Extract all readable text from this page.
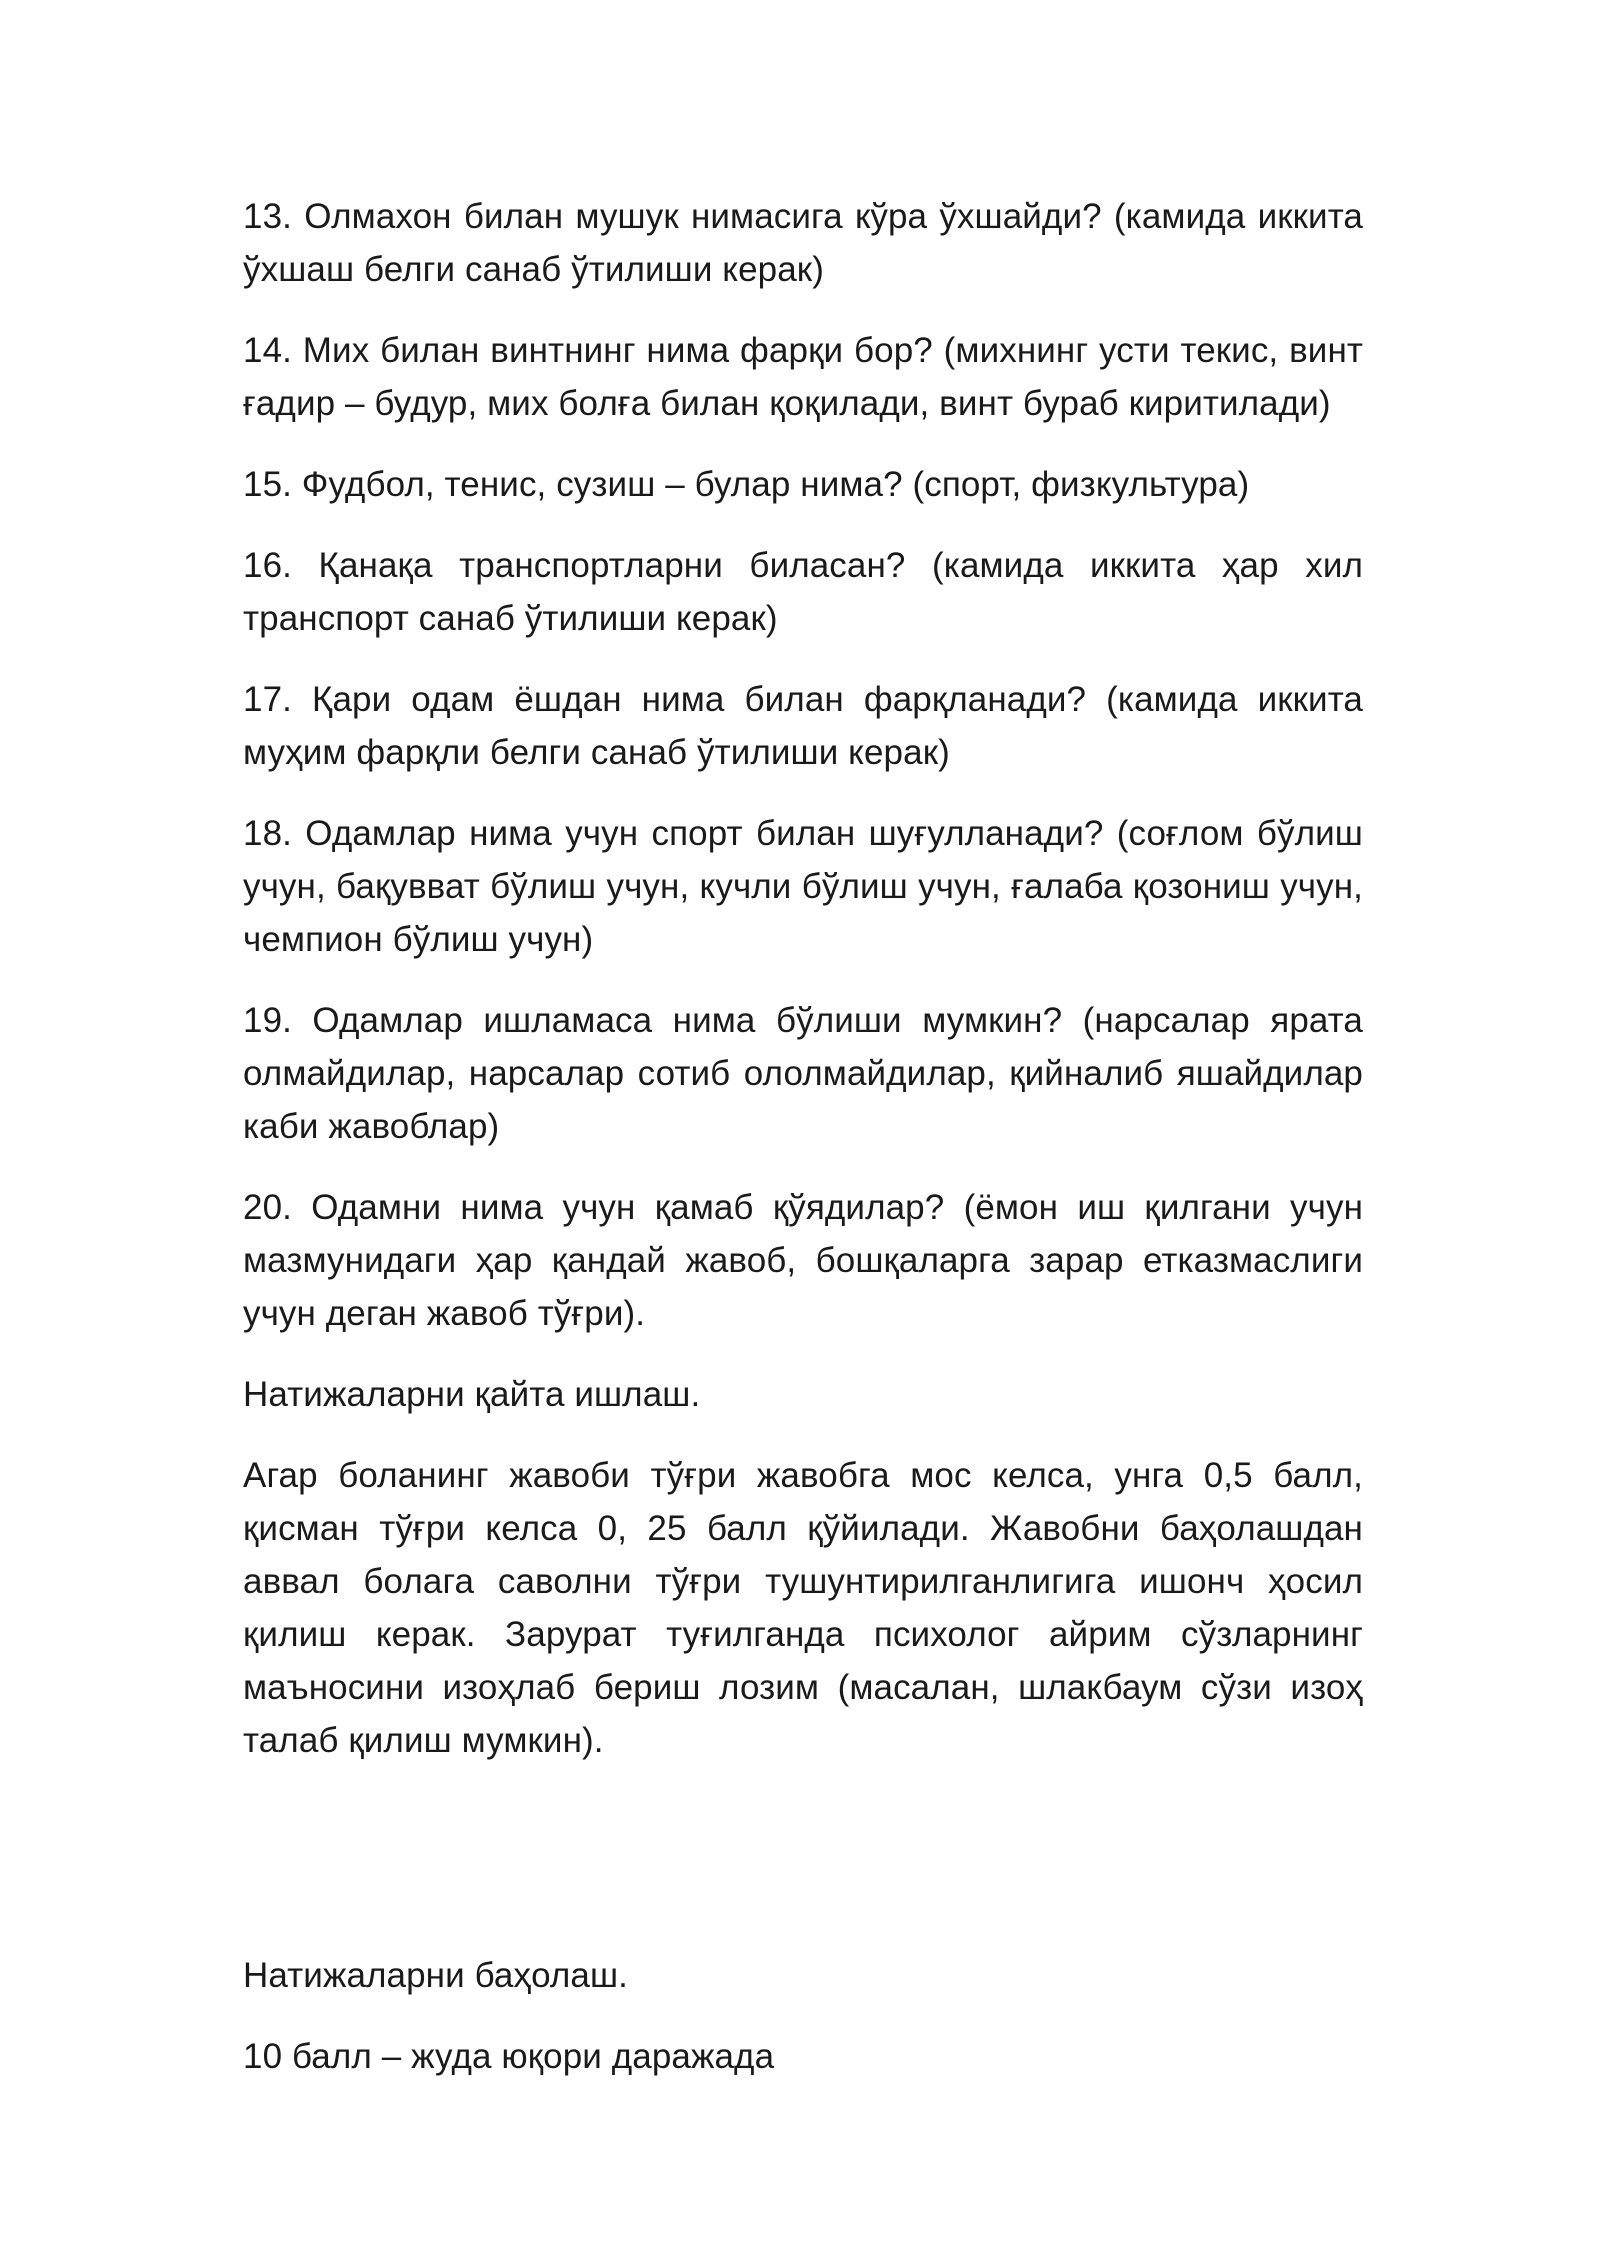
13. Олмахон билан мушук нимасига кўра ўхшайди? (камида иккита ўхшаш белги санаб ўтилиши керак)

14. Мих билан винтнинг нима фарқи бор? (михнинг усти текис, винт ғадир – будур, мих болға билан қоқилади, винт бураб киритилади)

15. Фудбол, тенис, сузиш – булар нима? (спорт, физкультура)

16. Қанақа транспортларни биласан? (камида иккита ҳар хил транспорт санаб ўтилиши керак)

17. Қари одам ёшдан нима билан фарқланади? (камида иккита муҳим фарқли белги санаб ўтилиши керак)

18. Одамлар нима учун спорт билан шуғулланади? (соғлом бўлиш учун, бақувват бўлиш учун, кучли бўлиш учун, ғалаба қозониш учун, чемпион бўлиш учун)

19. Одамлар ишламаса нима бўлиши мумкин? (нарсалар ярата олмайдилар, нарсалар сотиб ололмайдилар, қийналиб яшайдилар каби жавоблар)

20. Одамни нима учун қамаб қўядилар? (ёмон иш қилгани учун мазмунидаги ҳар қандай жавоб, бошқаларга зарар етказмаслиги учун деган жавоб тўғри).

Натижаларни қайта ишлаш.

Агар боланинг жавоби тўғри жавобга мос келса, унга 0,5 балл, қисман тўғри келса 0, 25 балл қўйилади. Жавобни баҳолашдан аввал болага саволни тўғри тушунтирилганлигига ишонч ҳосил қилиш керак. Зарурат туғилганда психолог айрим сўзларнинг маъносини изоҳлаб бериш лозим (масалан, шлакбаум сўзи изоҳ талаб қилиш мумкин).

Натижаларни баҳолаш.

10 балл – жуда юқори даражада
